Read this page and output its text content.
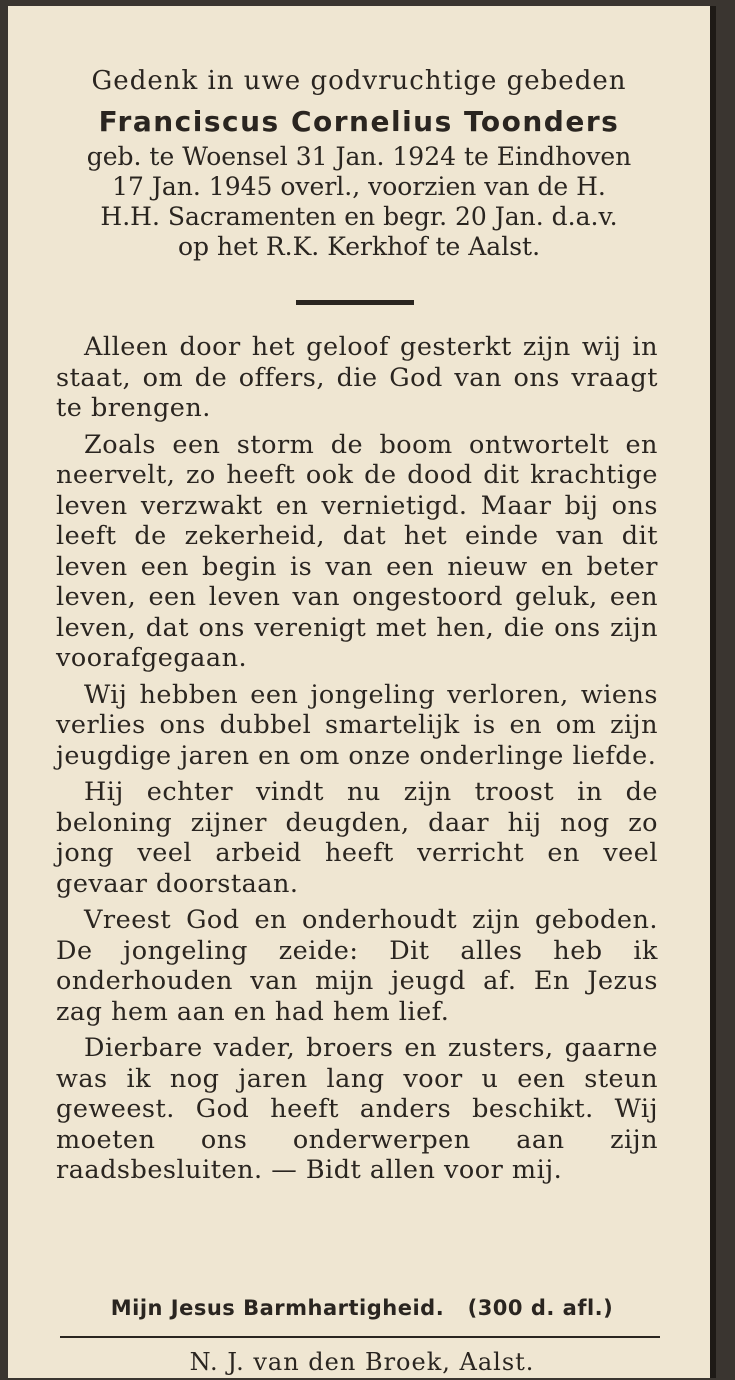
Gedenk in uwe godvruchtige gebeden
Franciscus Cornelius Toonders
geb. te Woensel 31 Jan. 1924 te Eindhoven
17 Jan. 1945 overl., voorzien van de H.
H.H. Sacramenten en begr. 20 Jan. d.a.v.
op het R.K. Kerkhof te Aalst.

Alleen door het geloof gesterkt zijn wij in staat, om de offers, die God van ons vraagt te brengen.

Zoals een storm de boom ontwortelt en neervelt, zo heeft ook de dood dit krachtige leven verzwakt en vernietigd. Maar bij ons leeft de zekerheid, dat het einde van dit leven een begin is van een nieuw en beter leven, een leven van ongestoord geluk, een leven, dat ons verenigt met hen, die ons zijn voorafgegaan.

Wij hebben een jongeling verloren, wiens verlies ons dubbel smartelijk is en om zijn jeugdige jaren en om onze onderlinge liefde.

Hij echter vindt nu zijn troost in de beloning zijner deugden, daar hij nog zo jong veel arbeid heeft verricht en veel gevaar doorstaan.

Vreest God en onderhoudt zijn geboden. De jongeling zeide: Dit alles heb ik onderhouden van mijn jeugd af. En Jezus zag hem aan en had hem lief.

Dierbare vader, broers en zusters, gaarne was ik nog jaren lang voor u een steun geweest. God heeft anders beschikt. Wij moeten ons onderwerpen aan zijn raadsbesluiten. — Bidt allen voor mij.

Mijn Jesus Barmhartigheid.   (300 d. afl.)
N. J. van den Broek, Aalst.
